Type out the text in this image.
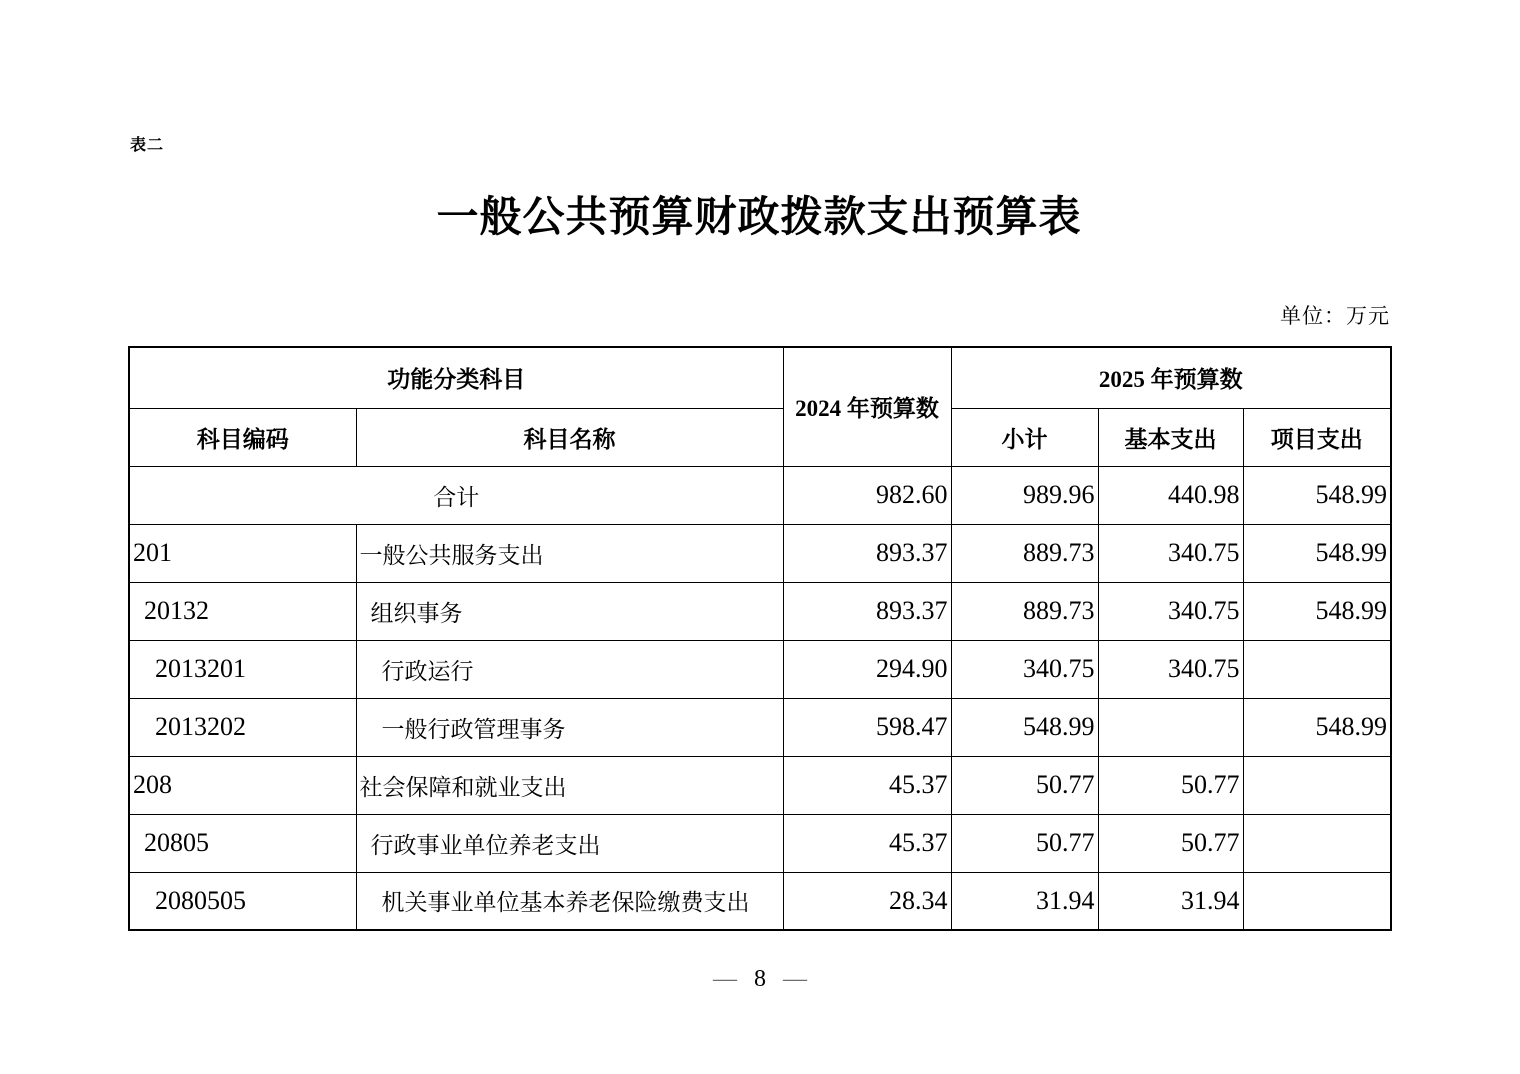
表二
一般公共预算财政拨款支出预算表
单位：万元
功能分类科目		2024 年预算数	2025 年预算数		
科目编码	科目名称		小计	基本支出	项目支出
合计		982.60	989.96	440.98	548.99
201	一般公共服务支出	893.37	889.73	340.75	548.99
20132	组织事务	893.37	889.73	340.75	548.99
2013201	行政运行	294.90	340.75	340.75	
2013202	一般行政管理事务	598.47	548.99		548.99
208	社会保障和就业支出	45.37	50.77	50.77	
20805	行政事业单位养老支出	45.37	50.77	50.77	
2080505	机关事业单位基本养老保险缴费支出	28.34	31.94	31.94	
— 8 —
